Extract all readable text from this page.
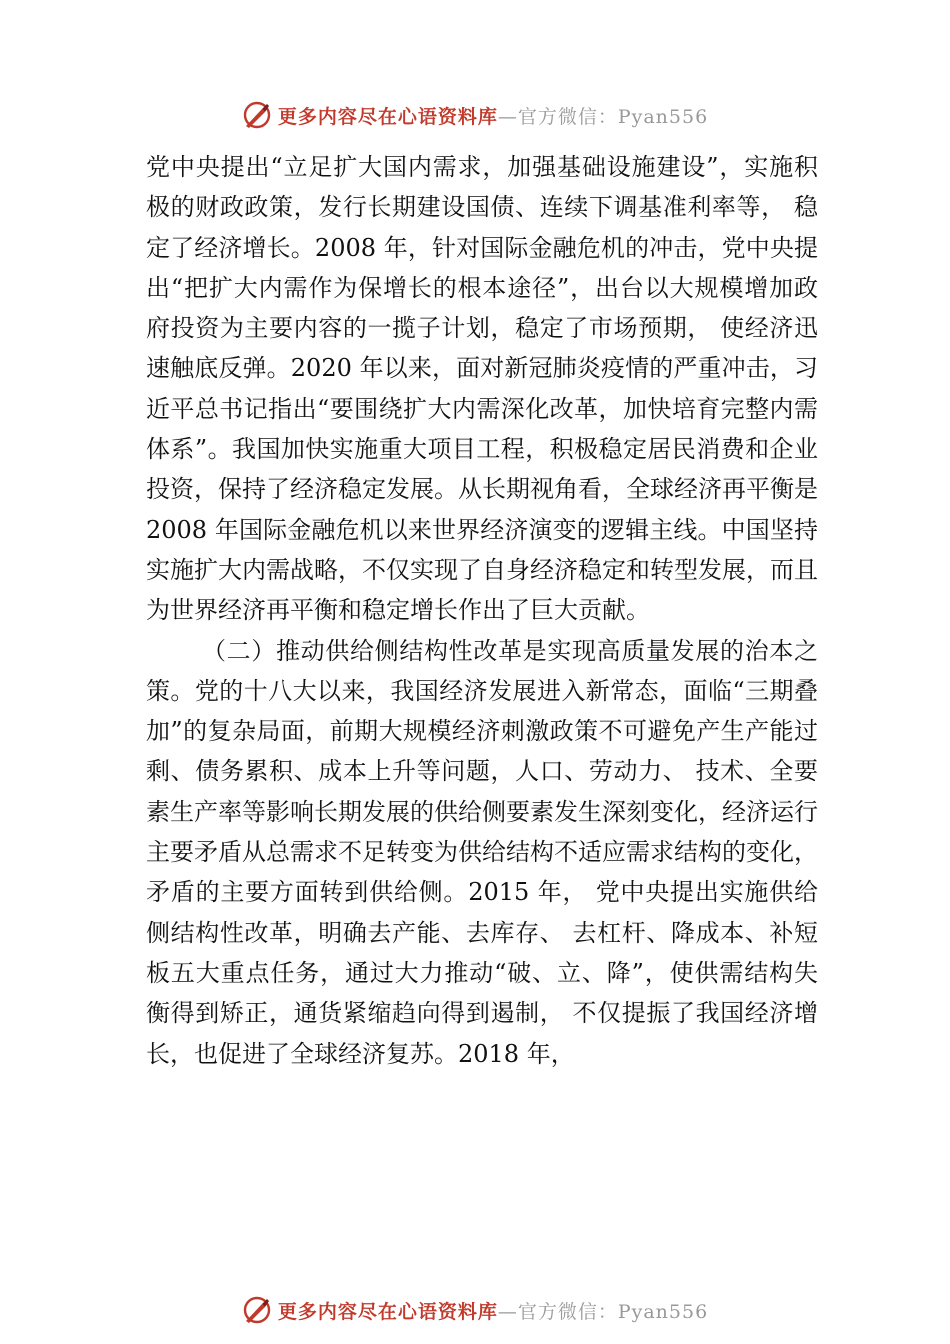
更多内容尽在心语资料库 —官方微信：Pyan556

党中央提出“立足扩大国内需求，加强基础设施建设”，实施积极的财政政策，发行长期建设国债、连续下调基准利率等， 稳定了经济增长。2008 年，针对国际金融危机的冲击，党中央提出“把扩大内需作为保增长的根本途径”，出台以大规模增加政府投资为主要内容的一揽子计划，稳定了市场预期， 使经济迅速触底反弹。2020 年以来，面对新冠肺炎疫情的严重冲击，习近平总书记指出“要围绕扩大内需深化改革，加快培育完整内需体系”。我国加快实施重大项目工程，积极稳定居民消费和企业投资，保持了经济稳定发展。从长期视角看，全球经济再平衡是 2008 年国际金融危机以来世界经济演变的逻辑主线。中国坚持实施扩大内需战略，不仅实现了自身经济稳定和转型发展，而且为世界经济再平衡和稳定增长作出了巨大贡献。

（二）推动供给侧结构性改革是实现高质量发展的治本之策。党的十八大以来，我国经济发展进入新常态，面临“三期叠加”的复杂局面，前期大规模经济刺激政策不可避免产生产能过剩、债务累积、成本上升等问题，人口、劳动力、 技术、全要素生产率等影响长期发展的供给侧要素发生深刻变化，经济运行主要矛盾从总需求不足转变为供给结构不适应需求结构的变化，矛盾的主要方面转到供给侧。2015 年， 党中央提出实施供给侧结构性改革，明确去产能、去库存、 去杠杆、降成本、补短板五大重点任务，通过大力推动“破、立、降”，使供需结构失衡得到矫正，通货紧缩趋向得到遏制， 不仅提振了我国经济增长，也促进了全球经济复苏。2018 年，

更多内容尽在心语资料库 —官方微信：Pyan556
